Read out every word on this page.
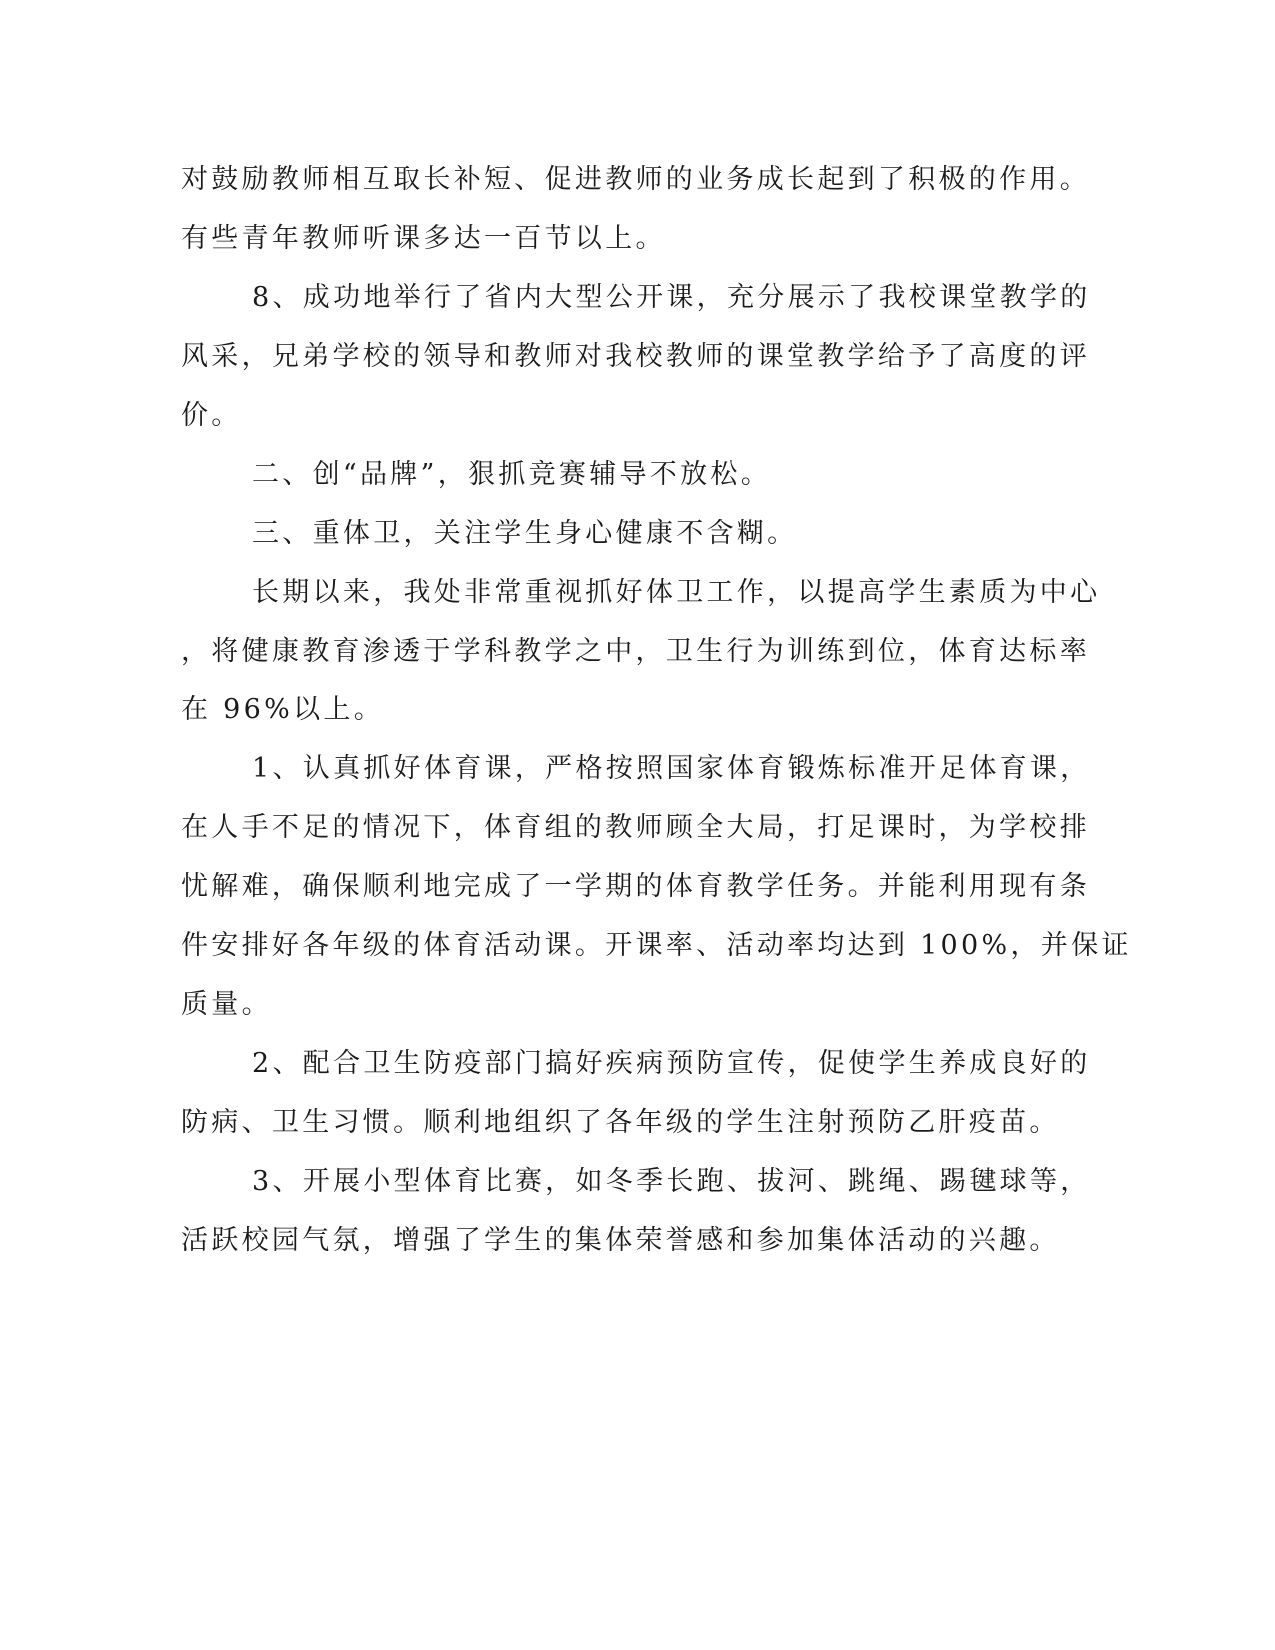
对鼓励教师相互取长补短、促进教师的业务成长起到了积极的作用。

有些青年教师听课多达一百节以上。

8、成功地举行了省内大型公开课，充分展示了我校课堂教学的

风采，兄弟学校的领导和教师对我校教师的课堂教学给予了高度的评

价。

二、创“品牌”，狠抓竞赛辅导不放松。

三、重体卫，关注学生身心健康不含糊。

长期以来，我处非常重视抓好体卫工作，以提高学生素质为中心

，将健康教育渗透于学科教学之中，卫生行为训练到位，体育达标率

在 96%以上。

1、认真抓好体育课，严格按照国家体育锻炼标准开足体育课，

在人手不足的情况下，体育组的教师顾全大局，打足课时，为学校排

忧解难，确保顺利地完成了一学期的体育教学任务。并能利用现有条

件安排好各年级的体育活动课。开课率、活动率均达到 100%，并保证

质量。

2、配合卫生防疫部门搞好疾病预防宣传，促使学生养成良好的

防病、卫生习惯。顺利地组织了各年级的学生注射预防乙肝疫苗。

3、开展小型体育比赛，如冬季长跑、拔河、跳绳、踢毽球等，

活跃校园气氛，增强了学生的集体荣誉感和参加集体活动的兴趣。
